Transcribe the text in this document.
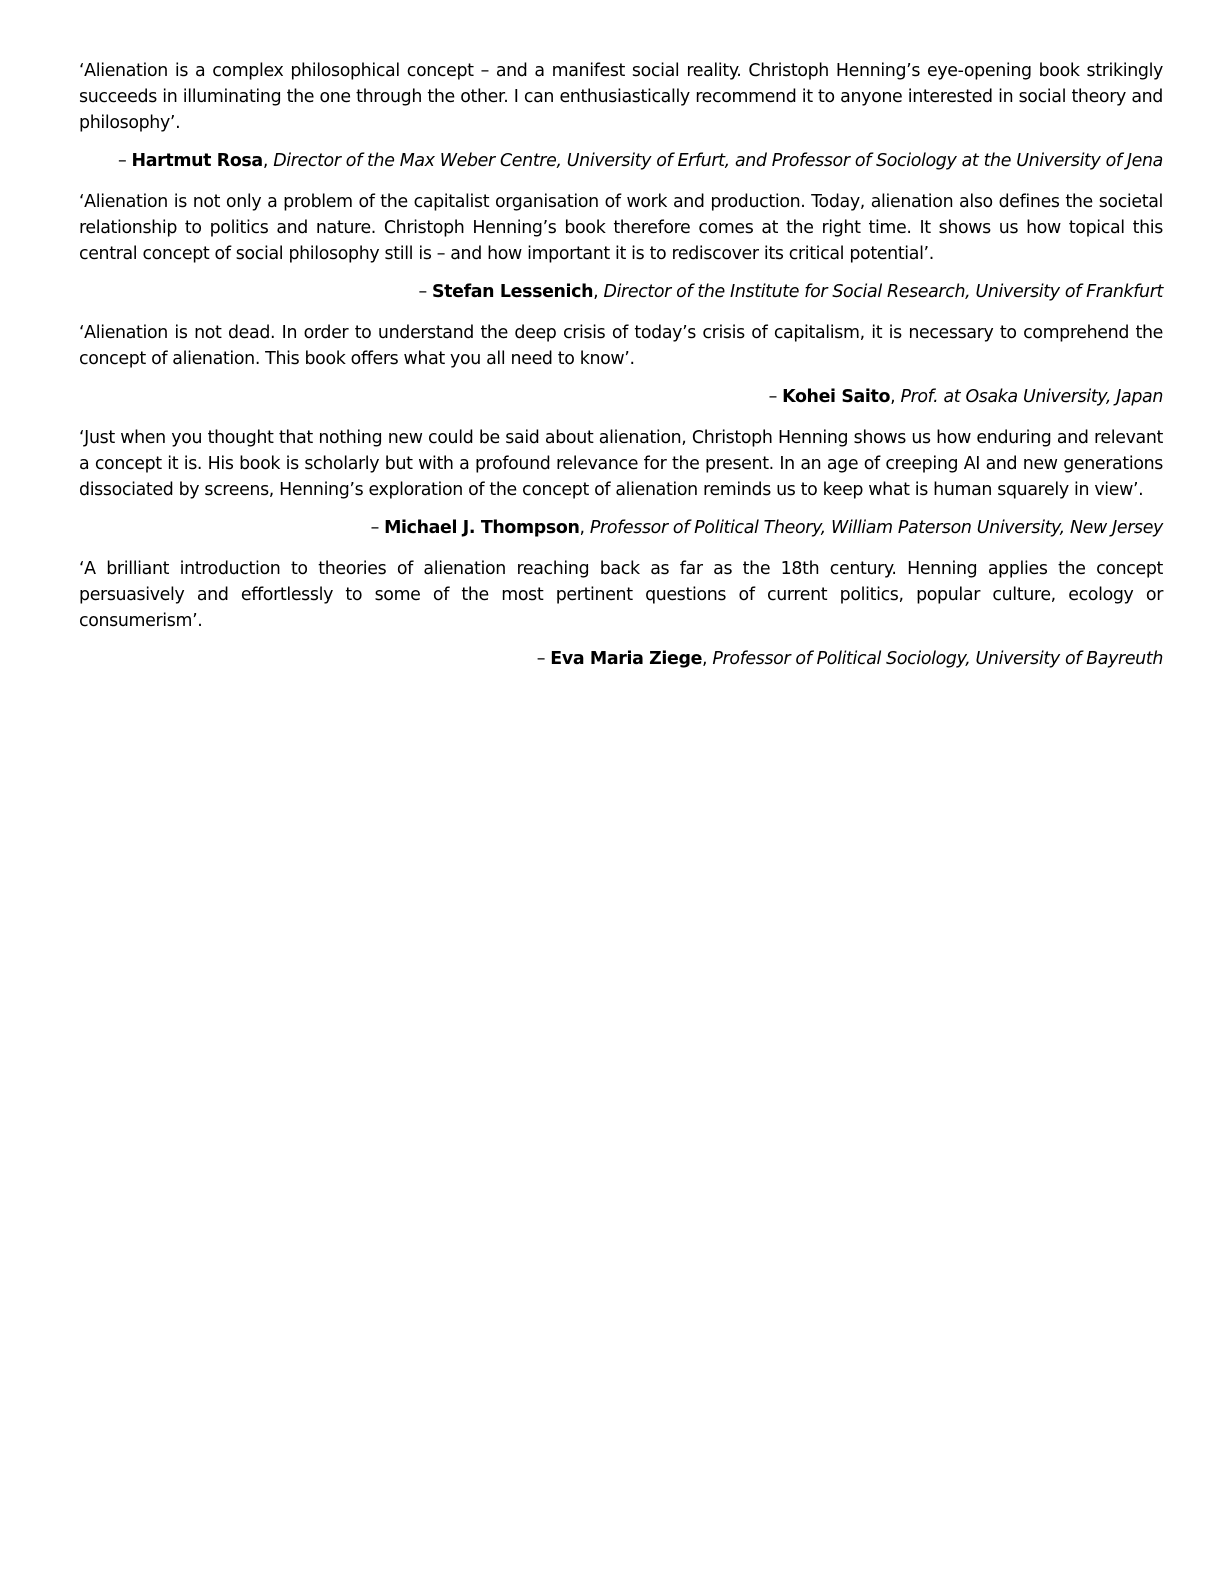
‘Alienation is a complex philosophical concept – and a manifest social reality. Christoph Henning’s eye-opening book strikingly succeeds in illuminating the one through the other. I can enthusiastically recommend it to anyone interested in social theory and philosophy’.

– Hartmut Rosa, Director of the Max Weber Centre, University of Erfurt, and Professor of Sociology at the University of Jena

‘Alienation is not only a problem of the capitalist organisation of work and production. Today, alienation also defines the societal relationship to politics and nature. Christoph Henning’s book therefore comes at the right time. It shows us how topical this central concept of social philosophy still is – and how important it is to rediscover its critical potential’.

– Stefan Lessenich, Director of the Institute for Social Research, University of Frankfurt

‘Alienation is not dead. In order to understand the deep crisis of today’s crisis of capitalism, it is necessary to comprehend the concept of alienation. This book offers what you all need to know’.

– Kohei Saito, Prof. at Osaka University, Japan

‘Just when you thought that nothing new could be said about alienation, Christoph Henning shows us how enduring and relevant a concept it is. His book is scholarly but with a profound relevance for the present. In an age of creeping AI and new generations dissociated by screens, Henning’s exploration of the concept of alienation reminds us to keep what is human squarely in view’.

– Michael J. Thompson, Professor of Political Theory, William Paterson University, New Jersey

‘A brilliant introduction to theories of alienation reaching back as far as the 18th century. Henning applies the concept persuasively and effortlessly to some of the most pertinent questions of current politics, popular culture, ecology or consumerism’.

– Eva Maria Ziege, Professor of Political Sociology, University of Bayreuth
